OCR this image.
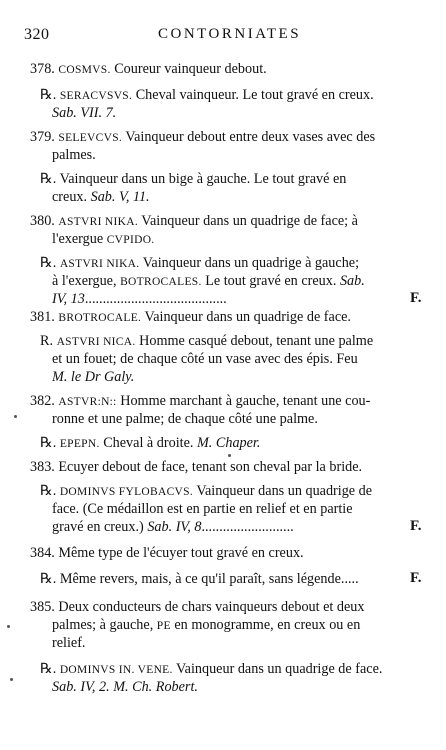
320	CONTORNIATES
378. COSMVS. Coureur vainqueur debout.
℞. SERACVSVS. Cheval vainqueur. Le tout gravé en creux.
Sab. VII. 7.
379. SELEVCVS. Vainqueur debout entre deux vases avec des
palmes.
℞. Vainqueur dans un bige à gauche. Le tout gravé en
creux. Sab. V, 11.
380. ASTVRI NIKA. Vainqueur dans un quadrige de face; à
l'exergue CVPIDO.
℞. ASTVRI NIKA. Vainqueur dans un quadrige à gauche;
à l'exergue, BOTROCALES. Le tout gravé en creux. Sab.
IV, 13........................................	F.
381. BROTROCALE. Vainqueur dans un quadrige de face.
R. ASTVRI NICA. Homme casqué debout, tenant une palme
et un fouet; de chaque côté un vase avec des épis. Feu
M. le Dr Galy.
382. ASTVR:N:: Homme marchant à gauche, tenant une cou-
ronne et une palme; de chaque côté une palme.
℞. EPEPN. Cheval à droite. M. Chaper.
383. Ecuyer debout de face, tenant son cheval par la bride.
℞. DOMINVS FYLOBACVS. Vainqueur dans un quadrige de
face. (Ce médaillon est en partie en relief et en partie
gravé en creux.) Sab. IV, 8..........................	F.
384. Même type de l'écuyer tout gravé en creux.
℞. Même revers, mais, à ce qu'il paraît, sans légende.....	F.
385. Deux conducteurs de chars vainqueurs debout et deux
palmes; à gauche, PE en monogramme, en creux ou en
relief.
℞. DOMINVS IN. VENE. Vainqueur dans un quadrige de face.
Sab. IV, 2. M. Ch. Robert.
